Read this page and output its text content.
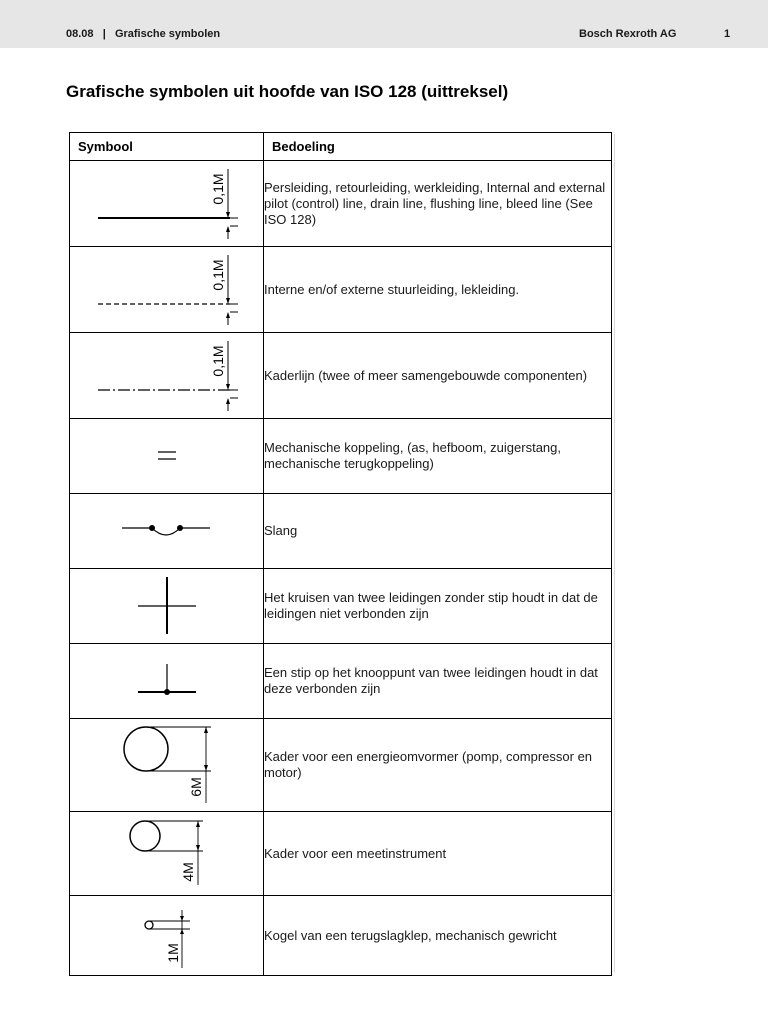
08.08   |   Grafische symbolen	Bosch Rexroth AG	1
Grafische symbolen uit hoofde van ISO 128 (uittreksel)
Symbool	Bedoeling

0,1M	Persleiding, retourleiding, werkleiding, Internal and external pilot (control) line, drain line, flushing line, bleed line (See ISO 128)

0,1M	Interne en/of externe stuurleiding, lekleiding.

0,1M	Kaderlijn (twee of meer samengebouwde componenten)

	Mechanische koppeling, (as, hefboom, zuigerstang, mechanische terugkoppeling)

	Slang

	Het kruisen van twee leidingen zonder stip houdt in dat de leidingen niet verbonden zijn

	Een stip op het knooppunt van twee leidingen houdt in dat deze verbonden zijn

6M	Kader voor een energieomvormer (pomp, compressor en motor)

4M	Kader voor een meetinstrument

1M	Kogel van een terugslagklep, mechanisch gewricht
